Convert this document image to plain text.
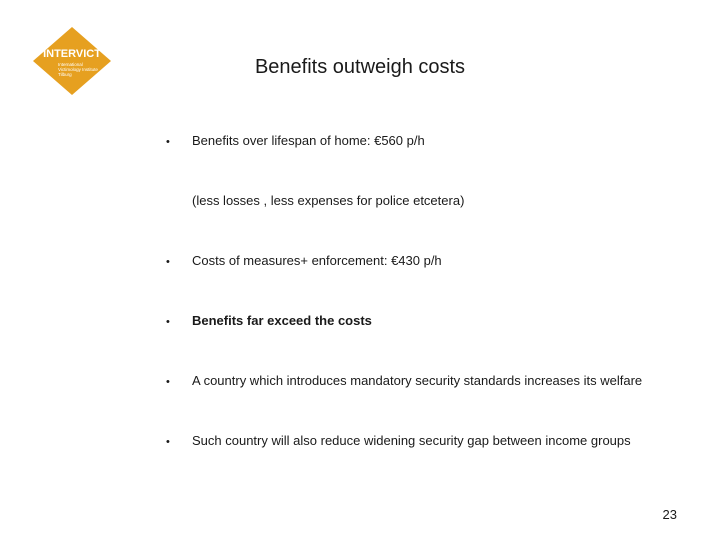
INTERVICT
International
Victimology Institute
Tilburg	Benefits outweigh costs
• Benefits over lifespan of home: €560 p/h
(less losses , less expenses for police etcetera)
• Costs of measures+ enforcement: €430 p/h
• Benefits far exceed the costs
• A country which introduces mandatory security standards increases its welfare
• Such country will also reduce widening security gap between income groups
23
